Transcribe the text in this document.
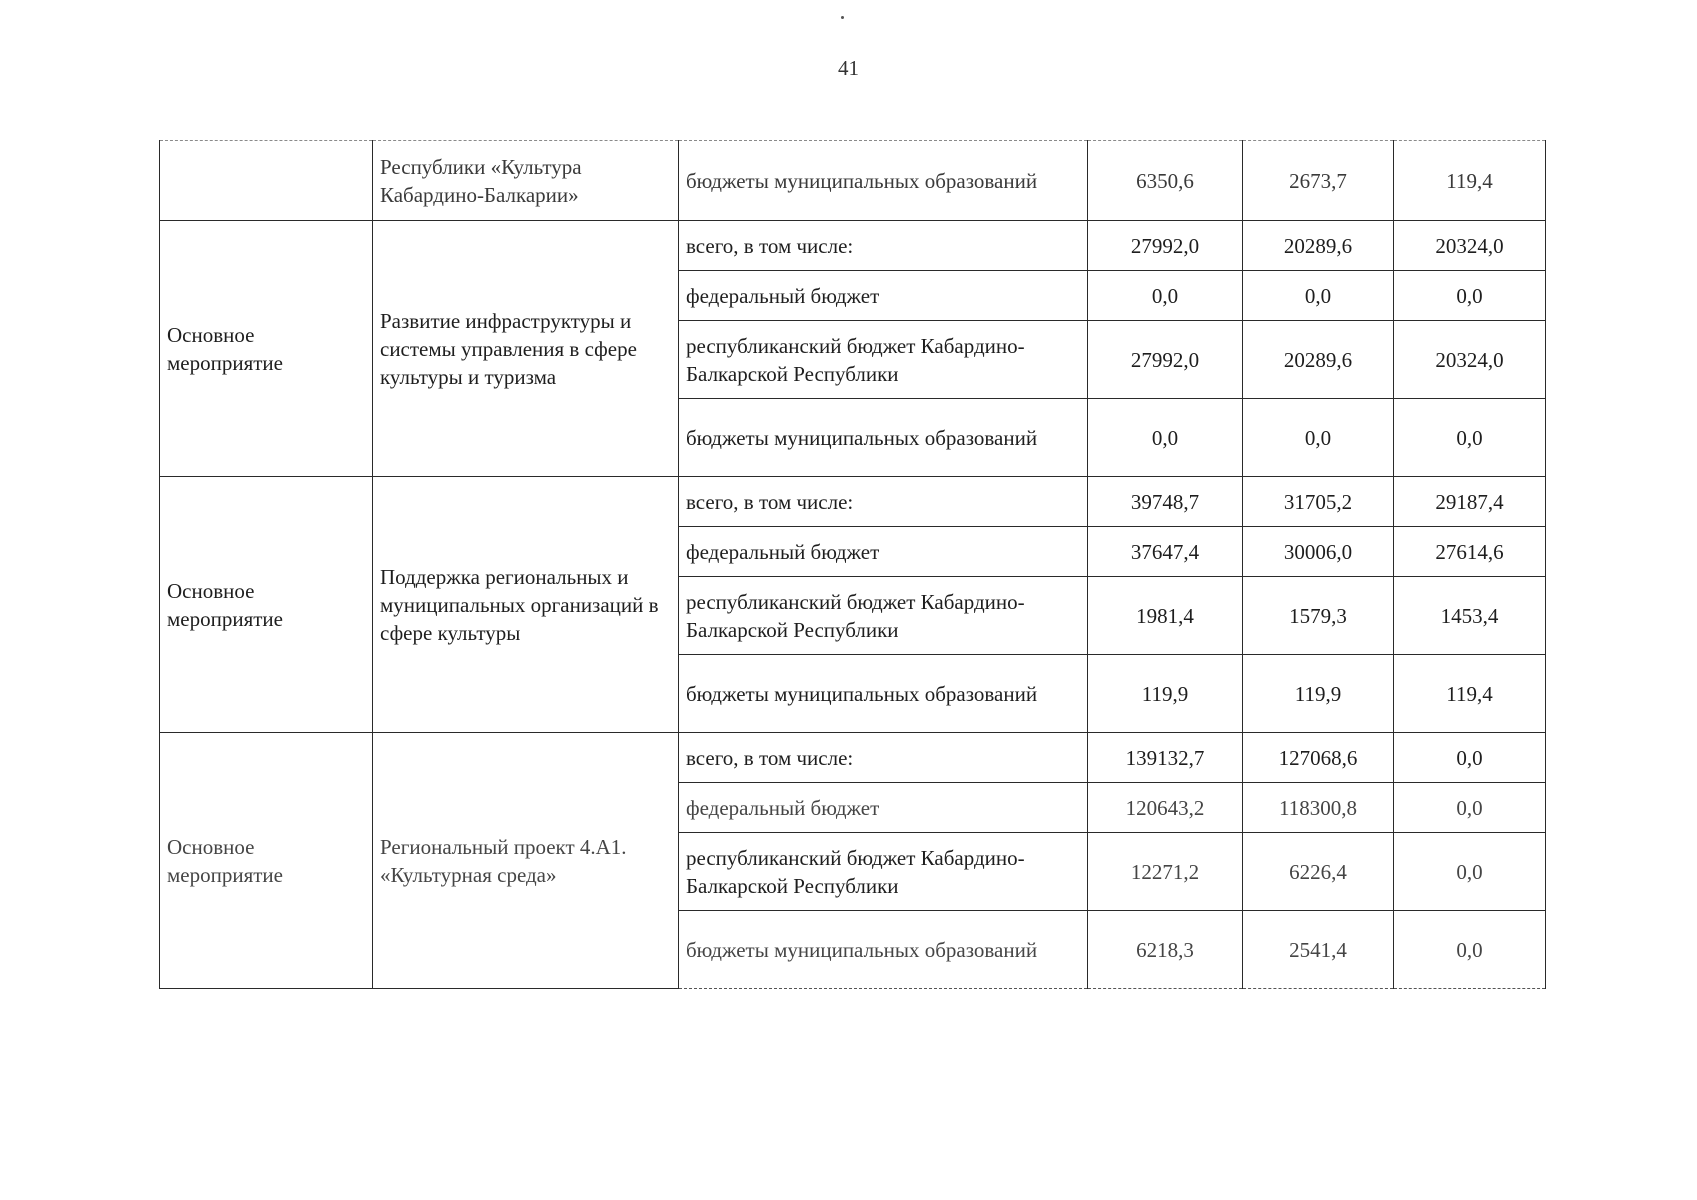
41
	Республики «Культура Кабардино-Балкарии»	бюджеты муниципальных образований	6350,6	2673,7	119,4
Основное мероприятие	Развитие инфраструктуры и системы управления в сфере культуры и туризма	всего, в том числе:	27992,0	20289,6	20324,0
		федеральный бюджет	0,0	0,0	0,0
		республиканский бюджет Кабардино-Балкарской Республики	27992,0	20289,6	20324,0
		бюджеты муниципальных образований	0,0	0,0	0,0
Основное мероприятие	Поддержка региональных и муниципальных организаций в сфере культуры	всего, в том числе:	39748,7	31705,2	29187,4
		федеральный бюджет	37647,4	30006,0	27614,6
		республиканский бюджет Кабардино-Балкарской Республики	1981,4	1579,3	1453,4
		бюджеты муниципальных образований	119,9	119,9	119,4
Основное мероприятие	Региональный проект 4.А1. «Культурная среда»	всего, в том числе:	139132,7	127068,6	0,0
		федеральный бюджет	120643,2	118300,8	0,0
		республиканский бюджет Кабардино-Балкарской Республики	12271,2	6226,4	0,0
		бюджеты муниципальных образований	6218,3	2541,4	0,0
